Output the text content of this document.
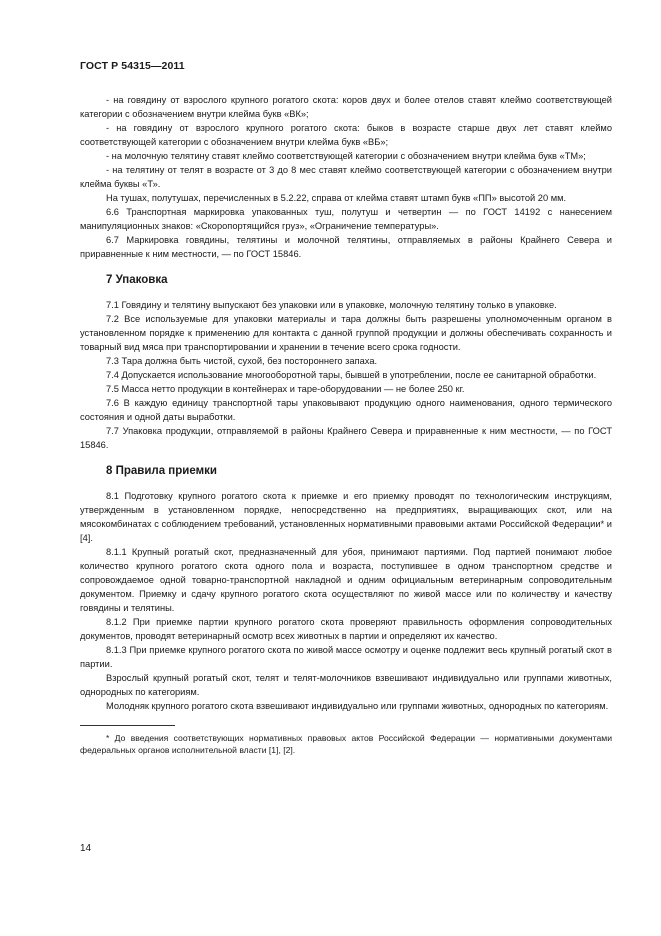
ГОСТ Р 54315—2011
- на говядину от взрослого крупного рогатого скота: коров двух и более отелов ставят клеймо соответствующей категории с обозначением внутри клейма букв «ВК»;
- на говядину от взрослого крупного рогатого скота: быков в возрасте старше двух лет ставят клеймо соответствующей категории с обозначением внутри клейма букв «ВБ»;
- на молочную телятину ставят клеймо соответствующей категории с обозначением внутри клейма букв «ТМ»;
- на телятину от телят в возрасте от 3 до 8 мес ставят клеймо соответствующей категории с обозначением внутри клейма буквы «Т».
На тушах, полутушах, перечисленных в 5.2.22, справа от клейма ставят штамп букв «ПП» высотой 20 мм.
6.6 Транспортная маркировка упакованных туш, полутуш и четвертин — по ГОСТ 14192 с нанесением манипуляционных знаков: «Скоропортящийся груз», «Ограничение температуры».
6.7 Маркировка говядины, телятины и молочной телятины, отправляемых в районы Крайнего Севера и приравненные к ним местности, — по ГОСТ 15846.
7 Упаковка
7.1 Говядину и телятину выпускают без упаковки или в упаковке, молочную телятину только в упаковке.
7.2 Все используемые для упаковки материалы и тара должны быть разрешены уполномоченным органом в установленном порядке к применению для контакта с данной группой продукции и должны обеспечивать сохранность и товарный вид мяса при транспортировании и хранении в течение всего срока годности.
7.3 Тара должна быть чистой, сухой, без постороннего запаха.
7.4 Допускается использование многооборотной тары, бывшей в употреблении, после ее санитарной обработки.
7.5 Масса нетто продукции в контейнерах и таре-оборудовании — не более 250 кг.
7.6 В каждую единицу транспортной тары упаковывают продукцию одного наименования, одного термического состояния и одной даты выработки.
7.7 Упаковка продукции, отправляемой в районы Крайнего Севера и приравненные к ним местности, — по ГОСТ 15846.
8 Правила приемки
8.1 Подготовку крупного рогатого скота к приемке и его приемку проводят по технологическим инструкциям, утвержденным в установленном порядке, непосредственно на предприятиях, выращивающих скот, или на мясокомбинатах с соблюдением требований, установленных нормативными правовыми актами Российской Федерации* и [4].
8.1.1 Крупный рогатый скот, предназначенный для убоя, принимают партиями. Под партией понимают любое количество крупного рогатого скота одного пола и возраста, поступившее в одном транспортном средстве и сопровождаемое одной товарно-транспортной накладной и одним официальным ветеринарным сопроводительным документом. Приемку и сдачу крупного рогатого скота осуществляют по живой массе или по количеству и качеству говядины и телятины.
8.1.2 При приемке партии крупного рогатого скота проверяют правильность оформления сопроводительных документов, проводят ветеринарный осмотр всех животных в партии и определяют их качество.
8.1.3 При приемке крупного рогатого скота по живой массе осмотру и оценке подлежит весь крупный рогатый скот в партии.
Взрослый крупный рогатый скот, телят и телят-молочников взвешивают индивидуально или группами животных, однородных по категориям.
Молодняк крупного рогатого скота взвешивают индивидуально или группами животных, однородных по категориям.
* До введения соответствующих нормативных правовых актов Российской Федерации — нормативными документами федеральных органов исполнительной власти [1], [2].
14
